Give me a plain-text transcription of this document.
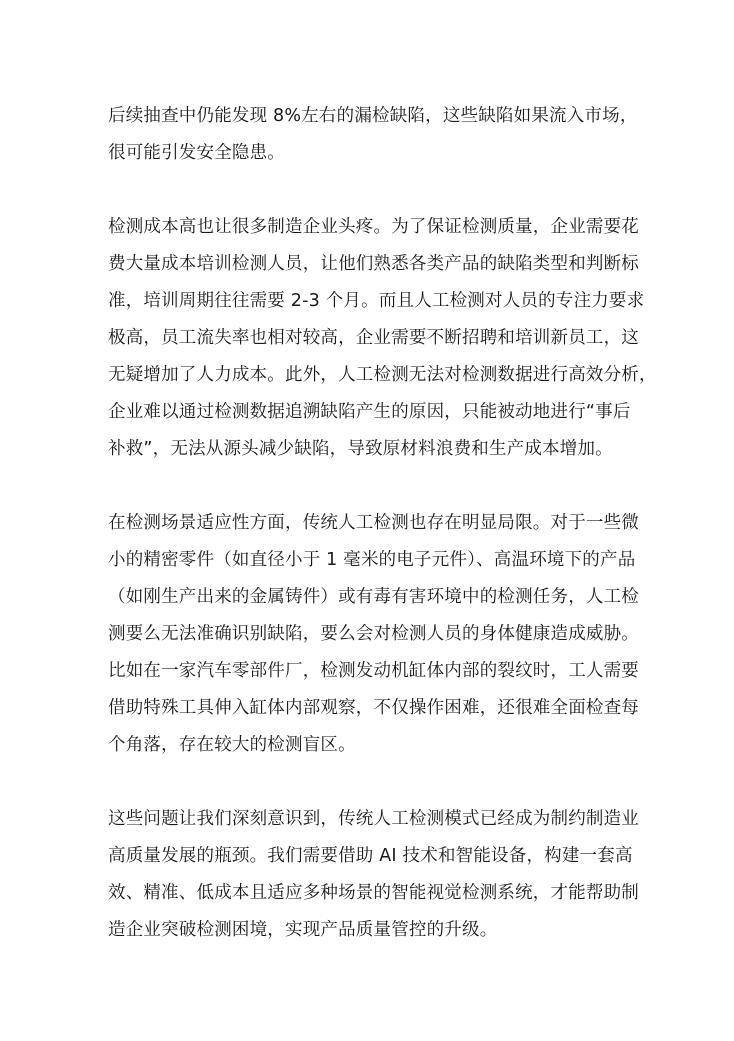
后续抽查中仍能发现 8%左右的漏检缺陷，这些缺陷如果流入市场，
很可能引发安全隐患。

检测成本高也让很多制造企业头疼。为了保证检测质量，企业需要花
费大量成本培训检测人员，让他们熟悉各类产品的缺陷类型和判断标
准，培训周期往往需要 2-3 个月。而且人工检测对人员的专注力要求
极高，员工流失率也相对较高，企业需要不断招聘和培训新员工，这
无疑增加了人力成本。此外，人工检测无法对检测数据进行高效分析，
企业难以通过检测数据追溯缺陷产生的原因，只能被动地进行“事后
补救”，无法从源头减少缺陷，导致原材料浪费和生产成本增加。

在检测场景适应性方面，传统人工检测也存在明显局限。对于一些微
小的精密零件（如直径小于 1 毫米的电子元件）、高温环境下的产品
（如刚生产出来的金属铸件）或有毒有害环境中的检测任务，人工检
测要么无法准确识别缺陷，要么会对检测人员的身体健康造成威胁。
比如在一家汽车零部件厂，检测发动机缸体内部的裂纹时，工人需要
借助特殊工具伸入缸体内部观察，不仅操作困难，还很难全面检查每
个角落，存在较大的检测盲区。

这些问题让我们深刻意识到，传统人工检测模式已经成为制约制造业
高质量发展的瓶颈。我们需要借助 AI 技术和智能设备，构建一套高
效、精准、低成本且适应多种场景的智能视觉检测系统，才能帮助制
造企业突破检测困境，实现产品质量管控的升级。
